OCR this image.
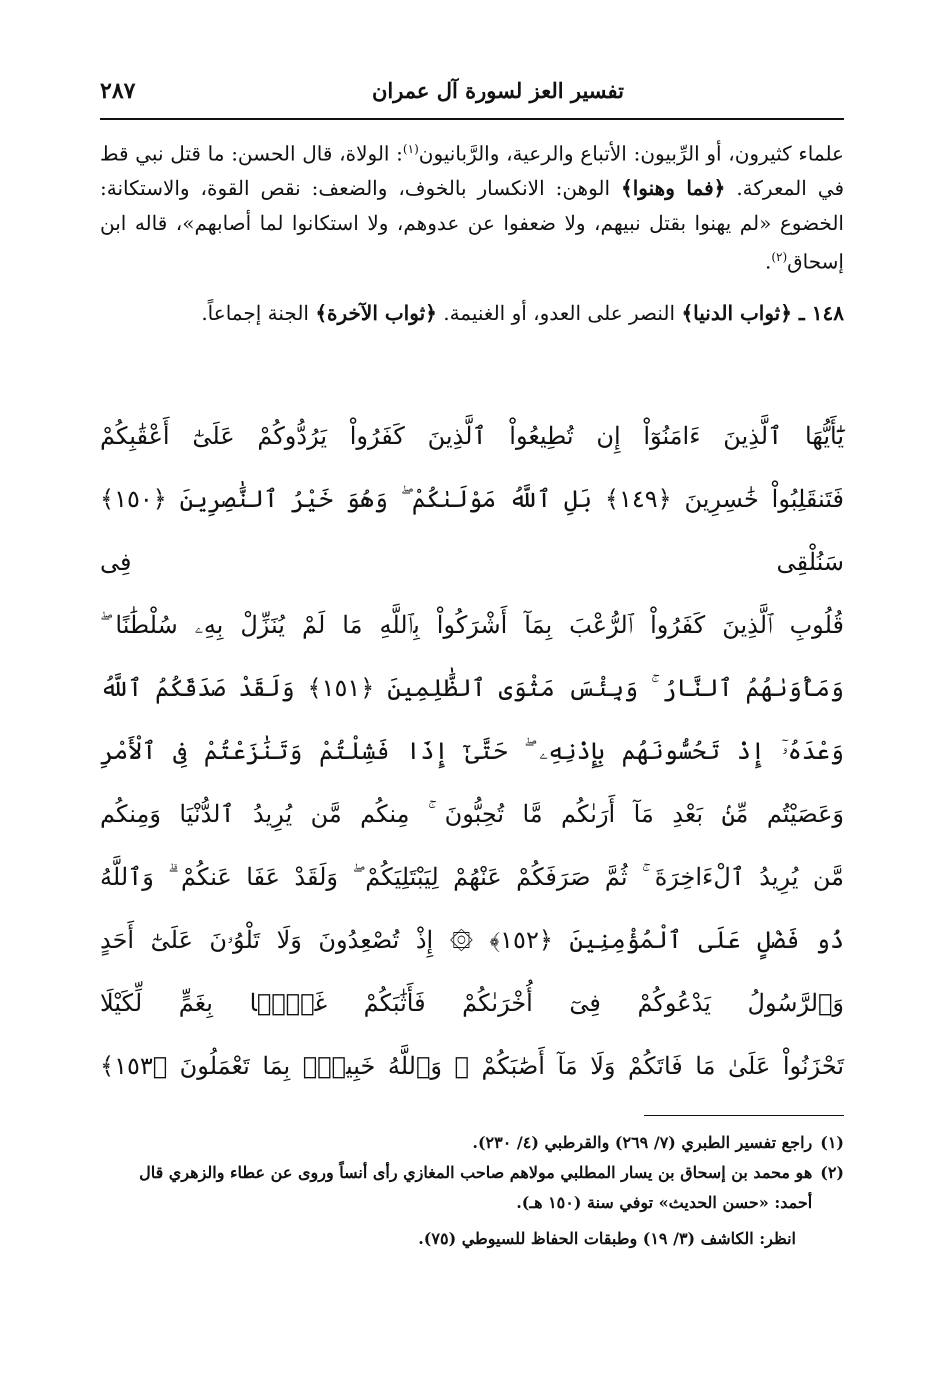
تفسير العز لسورة آل عمران
٢٨٧

علماء كثيرون، أو الرِّبيون: الأتباع والرعية، والرَّبانيون$^{(١)}$: الولاة، قال الحسن: ما قتل نبي قط في المعركة. ﴿فما وهنوا﴾ الوهن: الانكسار بالخوف، والضعف: نقص القوة، والاستكانة: الخضوع «لم يهنوا بقتل نبيهم، ولا ضعفوا عن عدوهم، ولا استكانوا لما أصابهم»، قاله ابن إسحاق$^{(٢)}$.

١٤٨ ـ ﴿ثواب الدنيا﴾ النصر على العدو، أو الغنيمة. ﴿ثواب الآخرة﴾ الجنة إجماعاً.

يَٰٓأَيُّهَا ٱلَّذِينَ ءَامَنُوٓاْ إِن تُطِيعُواْ ٱلَّذِينَ كَفَرُواْ يَرُدُّوكُمْ عَلَىٰٓ أَعْقَٰبِكُمْ
فَتَنقَلِبُواْ خَٰسِرِينَ ﴿١٤٩﴾ بَلِ ٱللَّهُ مَوْلَىٰكُمْ ۖ وَهُوَ خَيْرُ ٱلنَّٰصِرِينَ ﴿١٥٠﴾ سَنُلْقِى فِى
قُلُوبِ ٱلَّذِينَ كَفَرُواْ ٱلرُّعْبَ بِمَآ أَشْرَكُواْ بِٱللَّهِ مَا لَمْ يُنَزِّلْ بِهِۦ سُلْطَٰنًا ۖ
وَمَأْوَىٰهُمُ ٱلنَّارُ ۚ وَبِئْسَ مَثْوَى ٱلظَّٰلِمِينَ ﴿١٥١﴾ وَلَقَدْ صَدَقَكُمُ ٱللَّهُ
وَعْدَهُۥٓ إِذْ تَحُسُّونَهُم بِإِذْنِهِۦ ۖ حَتَّىٰٓ إِذَا فَشِلْتُمْ وَتَنَٰزَعْتُمْ فِى ٱلْأَمْرِ
وَعَصَيْتُم مِّنۢ بَعْدِ مَآ أَرَىٰكُم مَّا تُحِبُّونَ ۚ مِنكُم مَّن يُرِيدُ ٱلدُّنْيَا وَمِنكُم
مَّن يُرِيدُ ٱلْءَاخِرَةَ ۚ ثُمَّ صَرَفَكُمْ عَنْهُمْ لِيَبْتَلِيَكُمْ ۖ وَلَقَدْ عَفَا عَنكُمْ ۗ وَٱللَّهُ
ذُو فَضْلٍ عَلَى ٱلْمُؤْمِنِينَ ﴿١٥٢﴾ ۞ إِذْ تُصْعِدُونَ وَلَا تَلْوُۥنَ عَلَىٰٓ أَحَدٍ
وَٱلرَّسُولُ يَدْعُوكُمْ فِىٓ أُخْرَىٰكُمْ فَأَثَٰبَكُمْ غَمًّۢا بِغَمٍّ لِّكَيْلَا
تَحْزَنُواْ عَلَىٰ مَا فَاتَكُمْ وَلَا مَآ أَصَٰبَكُمْ ۗ وَٱللَّهُ خَبِيرٌۢ بِمَا تَعْمَلُونَ ﴿١٥٣﴾
(١)
راجع تفسير الطبري (٧/ ٢٦٩) والقرطبي (٤/ ٢٣٠).
(٢)
هو محمد بن إسحاق بن يسار المطلبي مولاهم صاحب المغازي رأى أنساً وروى عن عطاء والزهري قال أحمد: «حسن الحديث» توفي سنة (١٥٠ هـ).
انظر: الكاشف (٣/ ١٩) وطبقات الحفاظ للسيوطي (٧٥).
